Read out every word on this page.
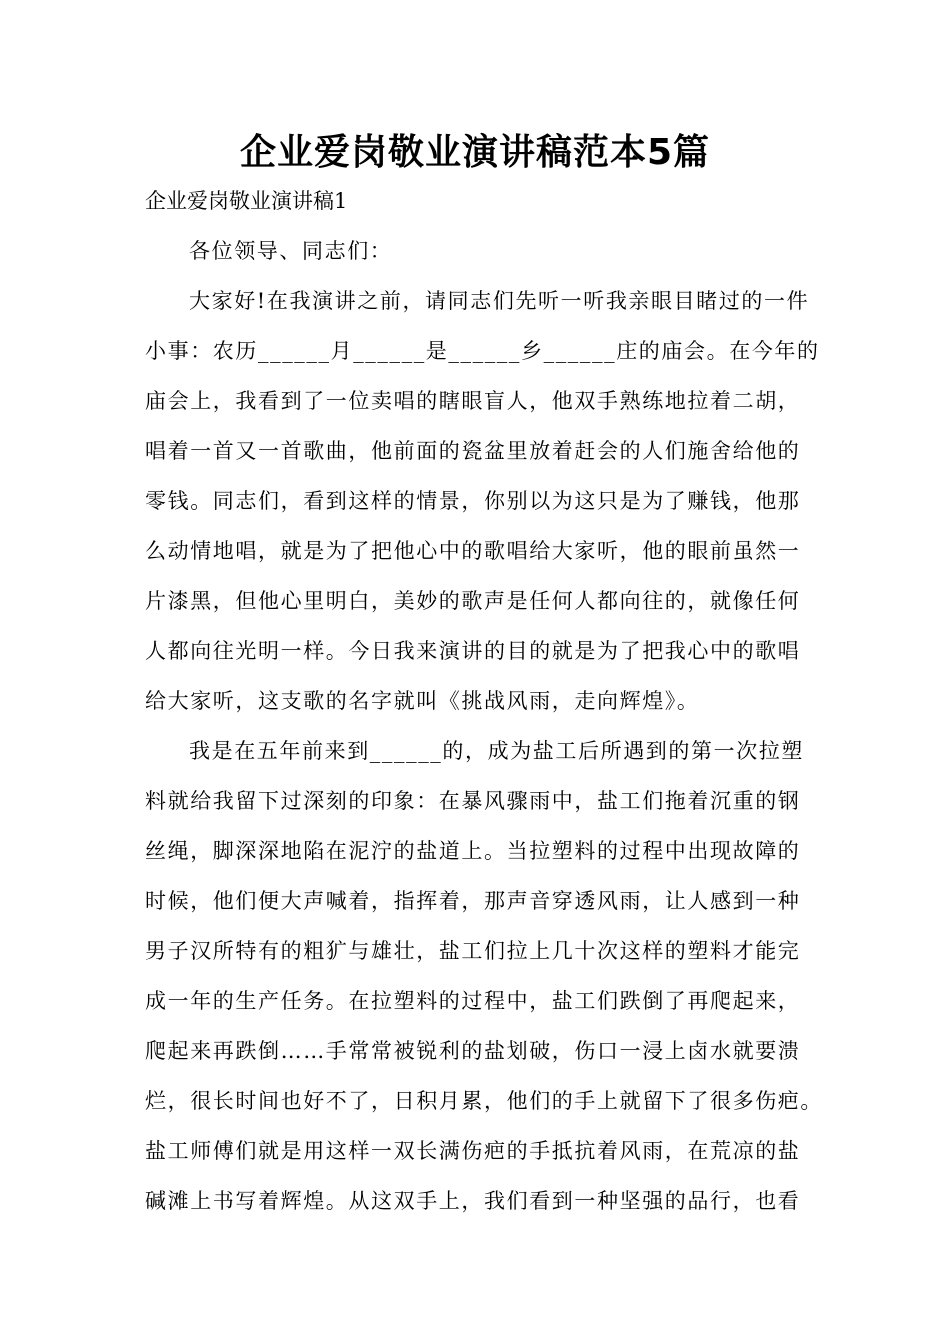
企业爱岗敬业演讲稿范本5篇

企业爱岗敬业演讲稿1

各位领导、同志们：

大家好!在我演讲之前，请同志们先听一听我亲眼目睹过的一件

小事：农历______月______是______乡______庄的庙会。在今年的

庙会上，我看到了一位卖唱的瞎眼盲人，他双手熟练地拉着二胡，

唱着一首又一首歌曲，他前面的瓷盆里放着赶会的人们施舍给他的

零钱。同志们，看到这样的情景，你别以为这只是为了赚钱，他那

么动情地唱，就是为了把他心中的歌唱给大家听，他的眼前虽然一

片漆黑，但他心里明白，美妙的歌声是任何人都向往的，就像任何

人都向往光明一样。今日我来演讲的目的就是为了把我心中的歌唱

给大家听，这支歌的名字就叫《挑战风雨，走向辉煌》。

我是在五年前来到______的，成为盐工后所遇到的第一次拉塑

料就给我留下过深刻的印象：在暴风骤雨中，盐工们拖着沉重的钢

丝绳，脚深深地陷在泥泞的盐道上。当拉塑料的过程中出现故障的

时候，他们便大声喊着，指挥着，那声音穿透风雨，让人感到一种

男子汉所特有的粗犷与雄壮，盐工们拉上几十次这样的塑料才能完

成一年的生产任务。在拉塑料的过程中，盐工们跌倒了再爬起来，

爬起来再跌倒……手常常被锐利的盐划破，伤口一浸上卤水就要溃

烂，很长时间也好不了，日积月累，他们的手上就留下了很多伤疤。

盐工师傅们就是用这样一双长满伤疤的手抵抗着风雨，在荒凉的盐

碱滩上书写着辉煌。从这双手上，我们看到一种坚强的品行，也看
